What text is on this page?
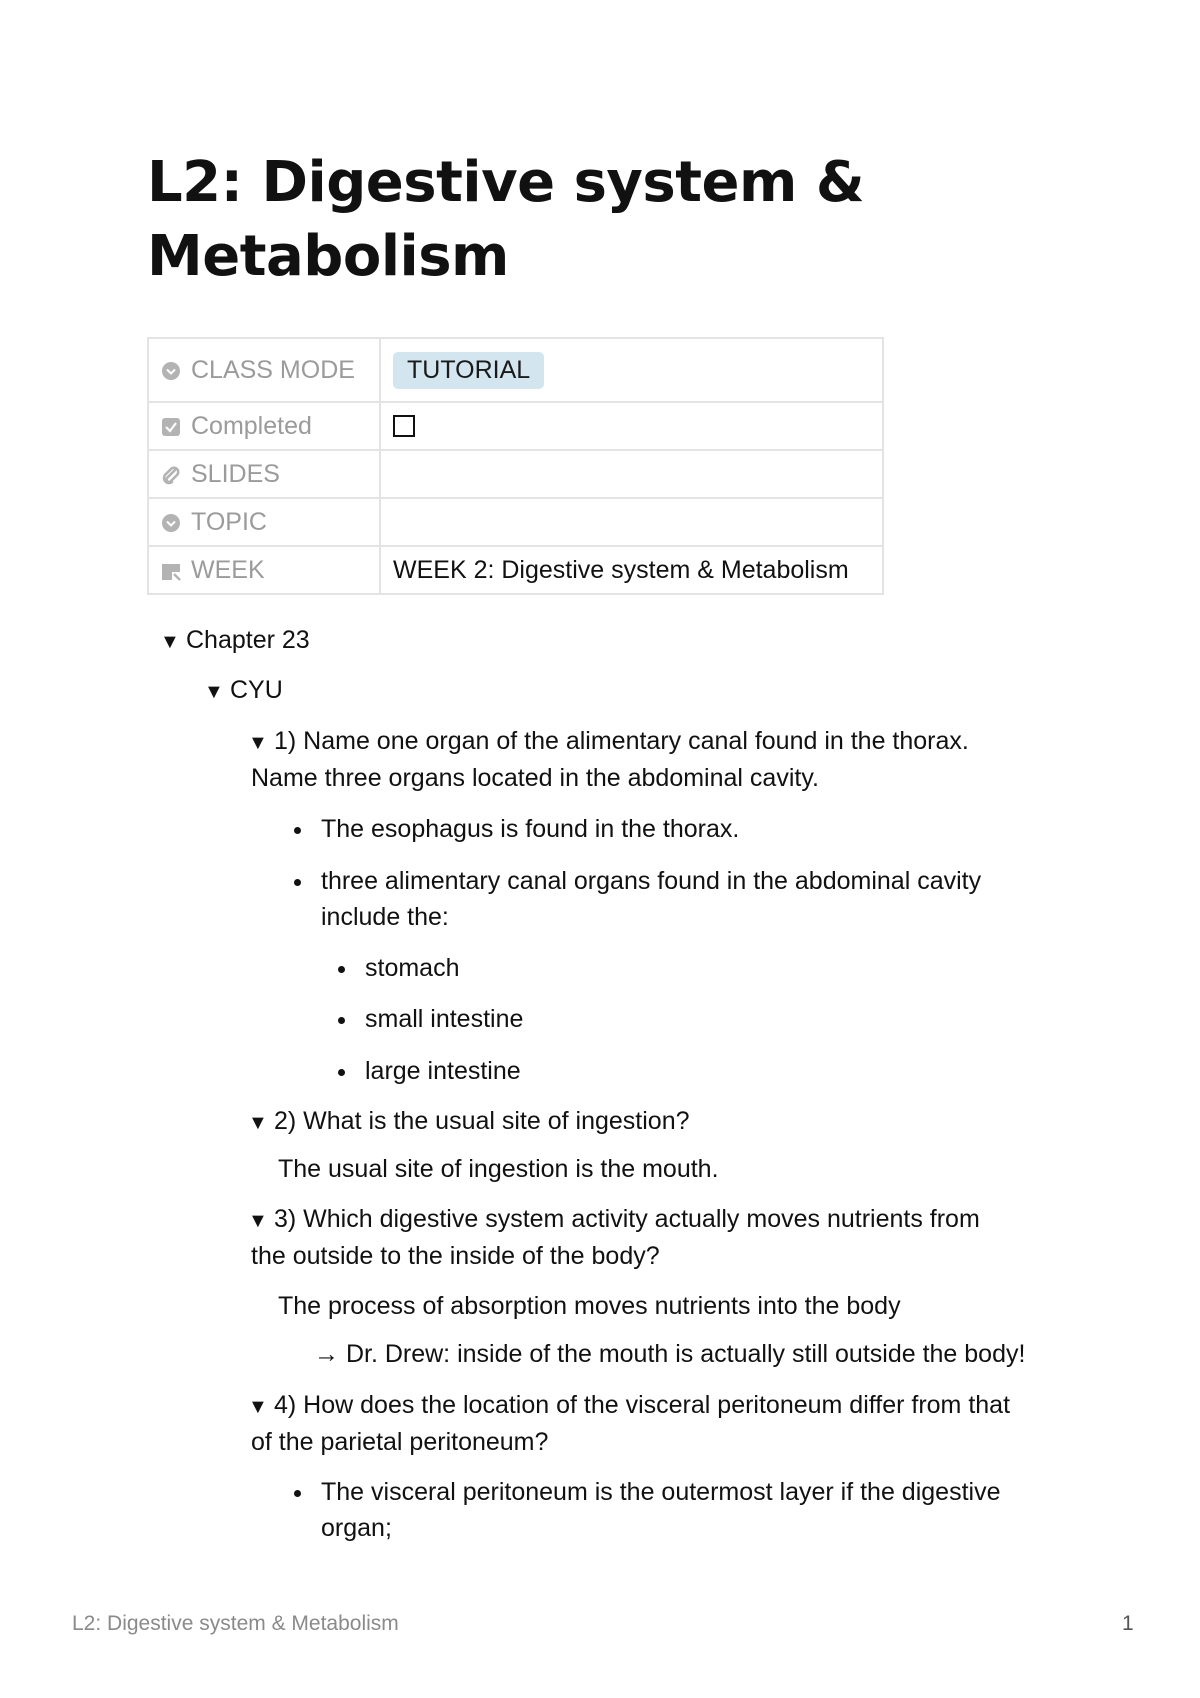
L2: Digestive system &
Metabolism
CLASS MODE	TUTORIAL
Completed	
SLIDES	
TOPIC	
WEEK	WEEK 2: Digestive system & Metabolism
▼ Chapter 23
▼ CYU
▼ 1) Name one organ of the alimentary canal found in the thorax.
Name three organs located in the abdominal cavity.
The esophagus is found in the thorax.
three alimentary canal organs found in the abdominal cavity
include the:
stomach
small intestine
large intestine
▼ 2) What is the usual site of ingestion?
The usual site of ingestion is the mouth.
▼ 3) Which digestive system activity actually moves nutrients from
the outside to the inside of the body?
The process of absorption moves nutrients into the body
→ Dr. Drew: inside of the mouth is actually still outside the body!
▼ 4) How does the location of the visceral peritoneum differ from that
of the parietal peritoneum?
The visceral peritoneum is the outermost layer if the digestive
organ;
L2: Digestive system & Metabolism	1
